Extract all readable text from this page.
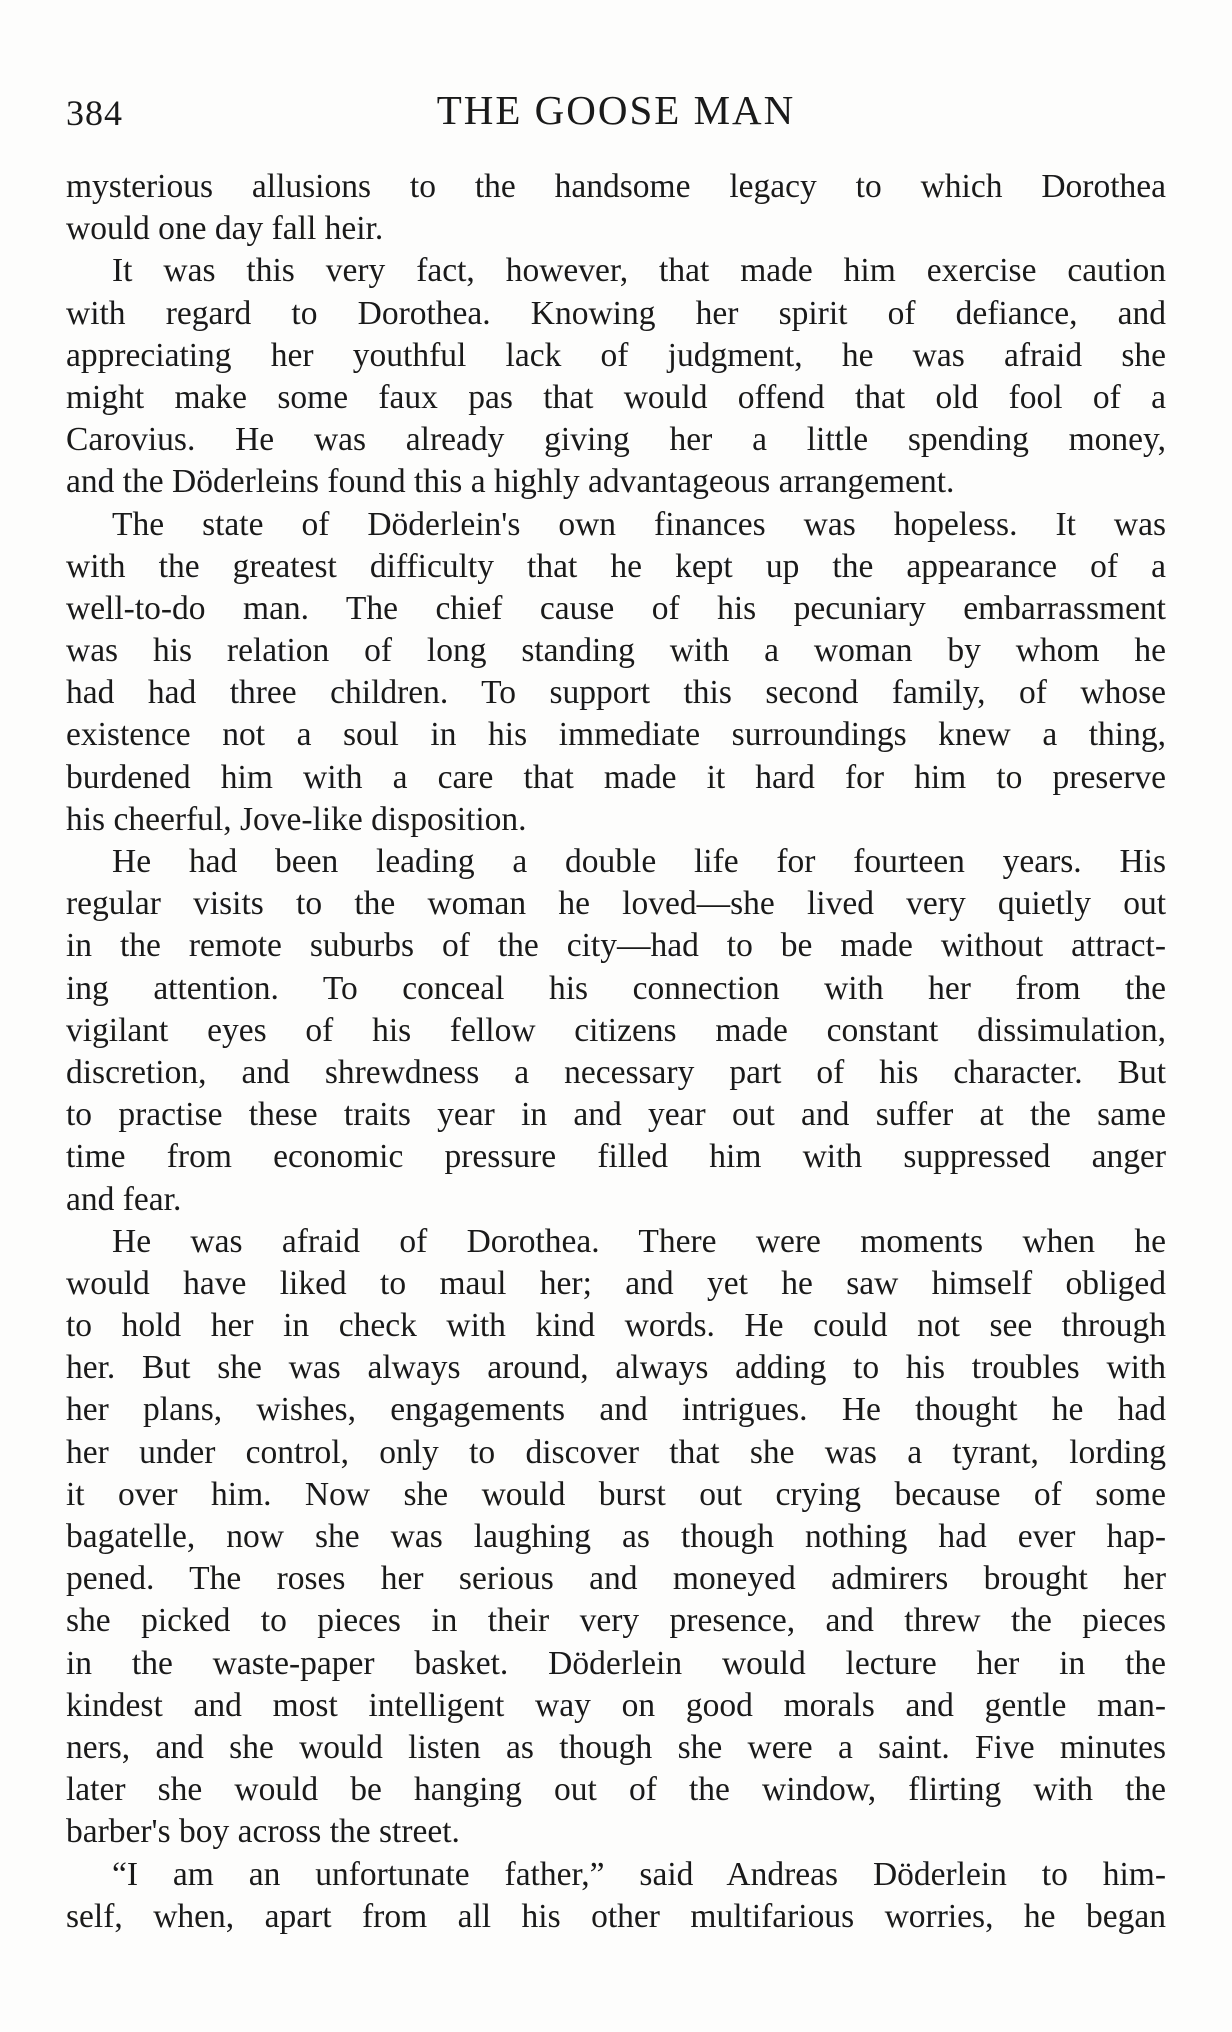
384	THE GOOSE MAN
mysterious allusions to the handsome legacy to which Dorothea
would one day fall heir.
It was this very fact, however, that made him exercise caution
with regard to Dorothea. Knowing her spirit of defiance, and
appreciating her youthful lack of judgment, he was afraid she
might make some faux pas that would offend that old fool of a
Carovius. He was already giving her a little spending money,
and the Döderleins found this a highly advantageous arrangement.
The state of Döderlein's own finances was hopeless. It was
with the greatest difficulty that he kept up the appearance of a
well-to-do man. The chief cause of his pecuniary embarrassment
was his relation of long standing with a woman by whom he
had had three children. To support this second family, of whose
existence not a soul in his immediate surroundings knew a thing,
burdened him with a care that made it hard for him to preserve
his cheerful, Jove-like disposition.
He had been leading a double life for fourteen years. His
regular visits to the woman he loved—she lived very quietly out
in the remote suburbs of the city—had to be made without attract-
ing attention. To conceal his connection with her from the
vigilant eyes of his fellow citizens made constant dissimulation,
discretion, and shrewdness a necessary part of his character. But
to practise these traits year in and year out and suffer at the same
time from economic pressure filled him with suppressed anger
and fear.
He was afraid of Dorothea. There were moments when he
would have liked to maul her; and yet he saw himself obliged
to hold her in check with kind words. He could not see through
her. But she was always around, always adding to his troubles with
her plans, wishes, engagements and intrigues. He thought he had
her under control, only to discover that she was a tyrant, lording
it over him. Now she would burst out crying because of some
bagatelle, now she was laughing as though nothing had ever hap-
pened. The roses her serious and moneyed admirers brought her
she picked to pieces in their very presence, and threw the pieces
in the waste-paper basket. Döderlein would lecture her in the
kindest and most intelligent way on good morals and gentle man-
ners, and she would listen as though she were a saint. Five minutes
later she would be hanging out of the window, flirting with the
barber's boy across the street.
“I am an unfortunate father,” said Andreas Döderlein to him-
self, when, apart from all his other multifarious worries, he began
